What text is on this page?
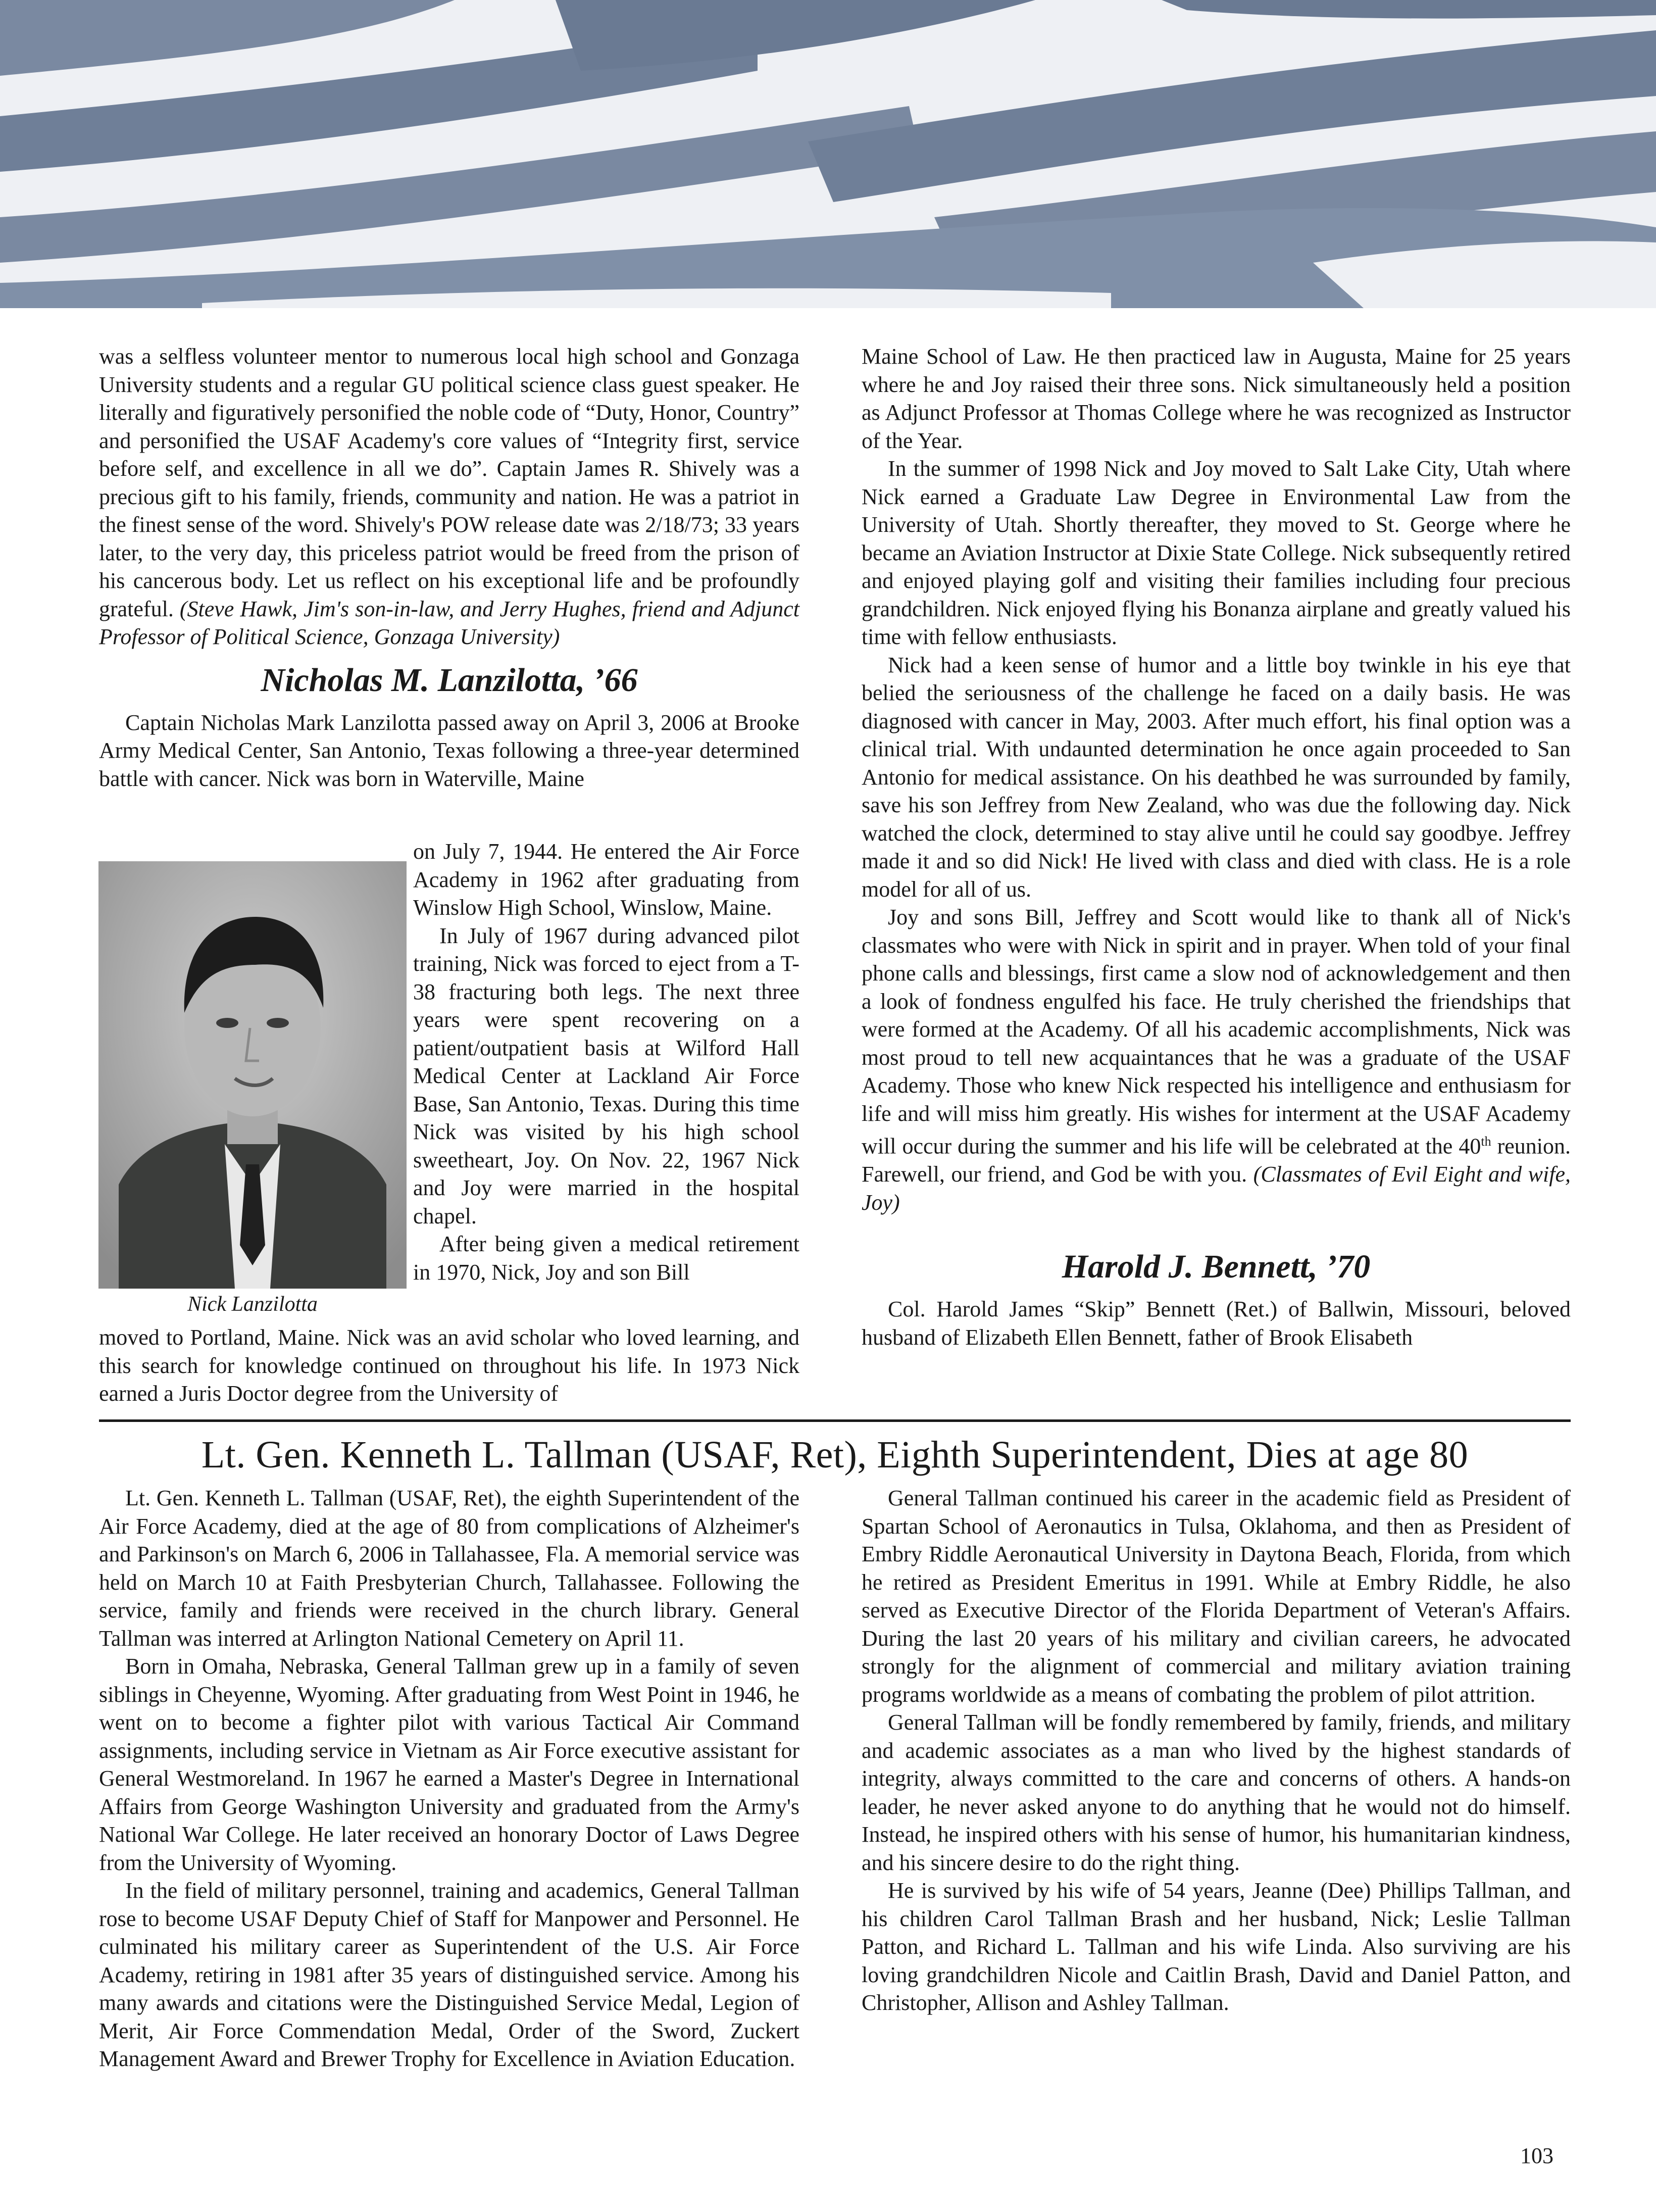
was a selfless volunteer mentor to numerous local high school and Gonzaga University students and a regular GU political science class guest speaker. He literally and figuratively personified the noble code of “Duty, Honor, Country” and personified the USAF Academy's core values of “Integrity first, service before self, and excellence in all we do”. Captain James R. Shively was a precious gift to his family, friends, community and nation. He was a patriot in the finest sense of the word. Shively's POW release date was 2/18/73; 33 years later, to the very day, this priceless patriot would be freed from the prison of his cancerous body. Let us reflect on his exceptional life and be profoundly grateful. (Steve Hawk, Jim's son-in-law, and Jerry Hughes, friend and Adjunct Professor of Political Science, Gonzaga University)

Nicholas M. Lanzilotta, ’66

Captain Nicholas Mark Lanzilotta passed away on April 3, 2006 at Brooke Army Medical Center, San Antonio, Texas following a three-year determined battle with cancer. Nick was born in Waterville, Maine

Nick Lanzilotta

on July 7, 1944. He entered the Air Force Academy in 1962 after graduating from Winslow High School, Winslow, Maine.

In July of 1967 during advanced pilot training, Nick was forced to eject from a T-38 fracturing both legs. The next three years were spent recovering on a patient/outpatient basis at Wilford Hall Medical Center at Lackland Air Force Base, San Antonio, Texas. During this time Nick was visited by his high school sweetheart, Joy. On Nov. 22, 1967 Nick and Joy were married in the hospital chapel.

After being given a medical retirement in 1970, Nick, Joy and son Bill

moved to Portland, Maine. Nick was an avid scholar who loved learning, and this search for knowledge continued on throughout his life. In 1973 Nick earned a Juris Doctor degree from the University of

Maine School of Law. He then practiced law in Augusta, Maine for 25 years where he and Joy raised their three sons. Nick simultaneously held a position as Adjunct Professor at Thomas College where he was recognized as Instructor of the Year.

In the summer of 1998 Nick and Joy moved to Salt Lake City, Utah where Nick earned a Graduate Law Degree in Environmental Law from the University of Utah. Shortly thereafter, they moved to St. George where he became an Aviation Instructor at Dixie State College. Nick subsequently retired and enjoyed playing golf and visiting their families including four precious grandchildren. Nick enjoyed flying his Bonanza airplane and greatly valued his time with fellow enthusiasts.

Nick had a keen sense of humor and a little boy twinkle in his eye that belied the seriousness of the challenge he faced on a daily basis. He was diagnosed with cancer in May, 2003. After much effort, his final option was a clinical trial. With undaunted determination he once again proceeded to San Antonio for medical assistance. On his deathbed he was surrounded by family, save his son Jeffrey from New Zealand, who was due the following day. Nick watched the clock, determined to stay alive until he could say goodbye. Jeffrey made it and so did Nick! He lived with class and died with class. He is a role model for all of us.

Joy and sons Bill, Jeffrey and Scott would like to thank all of Nick's classmates who were with Nick in spirit and in prayer. When told of your final phone calls and blessings, first came a slow nod of acknowledgement and then a look of fondness engulfed his face. He truly cherished the friendships that were formed at the Academy. Of all his academic accomplishments, Nick was most proud to tell new acquaintances that he was a graduate of the USAF Academy. Those who knew Nick respected his intelligence and enthusiasm for life and will miss him greatly. His wishes for interment at the USAF Academy will occur during the summer and his life will be celebrated at the 40th reunion. Farewell, our friend, and God be with you. (Classmates of Evil Eight and wife, Joy)

Harold J. Bennett, ’70

Col. Harold James “Skip” Bennett (Ret.) of Ballwin, Missouri, beloved husband of Elizabeth Ellen Bennett, father of Brook Elisabeth

Lt. Gen. Kenneth L. Tallman (USAF, Ret), Eighth Superintendent, Dies at age 80

Lt. Gen. Kenneth L. Tallman (USAF, Ret), the eighth Superintendent of the Air Force Academy, died at the age of 80 from complications of Alzheimer's and Parkinson's on March 6, 2006 in Tallahassee, Fla. A memorial service was held on March 10 at Faith Presbyterian Church, Tallahassee. Following the service, family and friends were received in the church library. General Tallman was interred at Arlington National Cemetery on April 11.

Born in Omaha, Nebraska, General Tallman grew up in a family of seven siblings in Cheyenne, Wyoming. After graduating from West Point in 1946, he went on to become a fighter pilot with various Tactical Air Command assignments, including service in Vietnam as Air Force executive assistant for General Westmoreland. In 1967 he earned a Master's Degree in International Affairs from George Washington University and graduated from the Army's National War College. He later received an honorary Doctor of Laws Degree from the University of Wyoming.

In the field of military personnel, training and academics, General Tallman rose to become USAF Deputy Chief of Staff for Manpower and Personnel. He culminated his military career as Superintendent of the U.S. Air Force Academy, retiring in 1981 after 35 years of distinguished service. Among his many awards and citations were the Distinguished Service Medal, Legion of Merit, Air Force Commendation Medal, Order of the Sword, Zuckert Management Award and Brewer Trophy for Excellence in Aviation Education.

General Tallman continued his career in the academic field as President of Spartan School of Aeronautics in Tulsa, Oklahoma, and then as President of Embry Riddle Aeronautical University in Daytona Beach, Florida, from which he retired as President Emeritus in 1991. While at Embry Riddle, he also served as Executive Director of the Florida Department of Veteran's Affairs. During the last 20 years of his military and civilian careers, he advocated strongly for the alignment of commercial and military aviation training programs worldwide as a means of combating the problem of pilot attrition.

General Tallman will be fondly remembered by family, friends, and military and academic associates as a man who lived by the highest standards of integrity, always committed to the care and concerns of others. A hands-on leader, he never asked anyone to do anything that he would not do himself. Instead, he inspired others with his sense of humor, his humanitarian kindness, and his sincere desire to do the right thing.

He is survived by his wife of 54 years, Jeanne (Dee) Phillips Tallman, and his children Carol Tallman Brash and her husband, Nick; Leslie Tallman Patton, and Richard L. Tallman and his wife Linda. Also surviving are his loving grandchildren Nicole and Caitlin Brash, David and Daniel Patton, and Christopher, Allison and Ashley Tallman.

103
